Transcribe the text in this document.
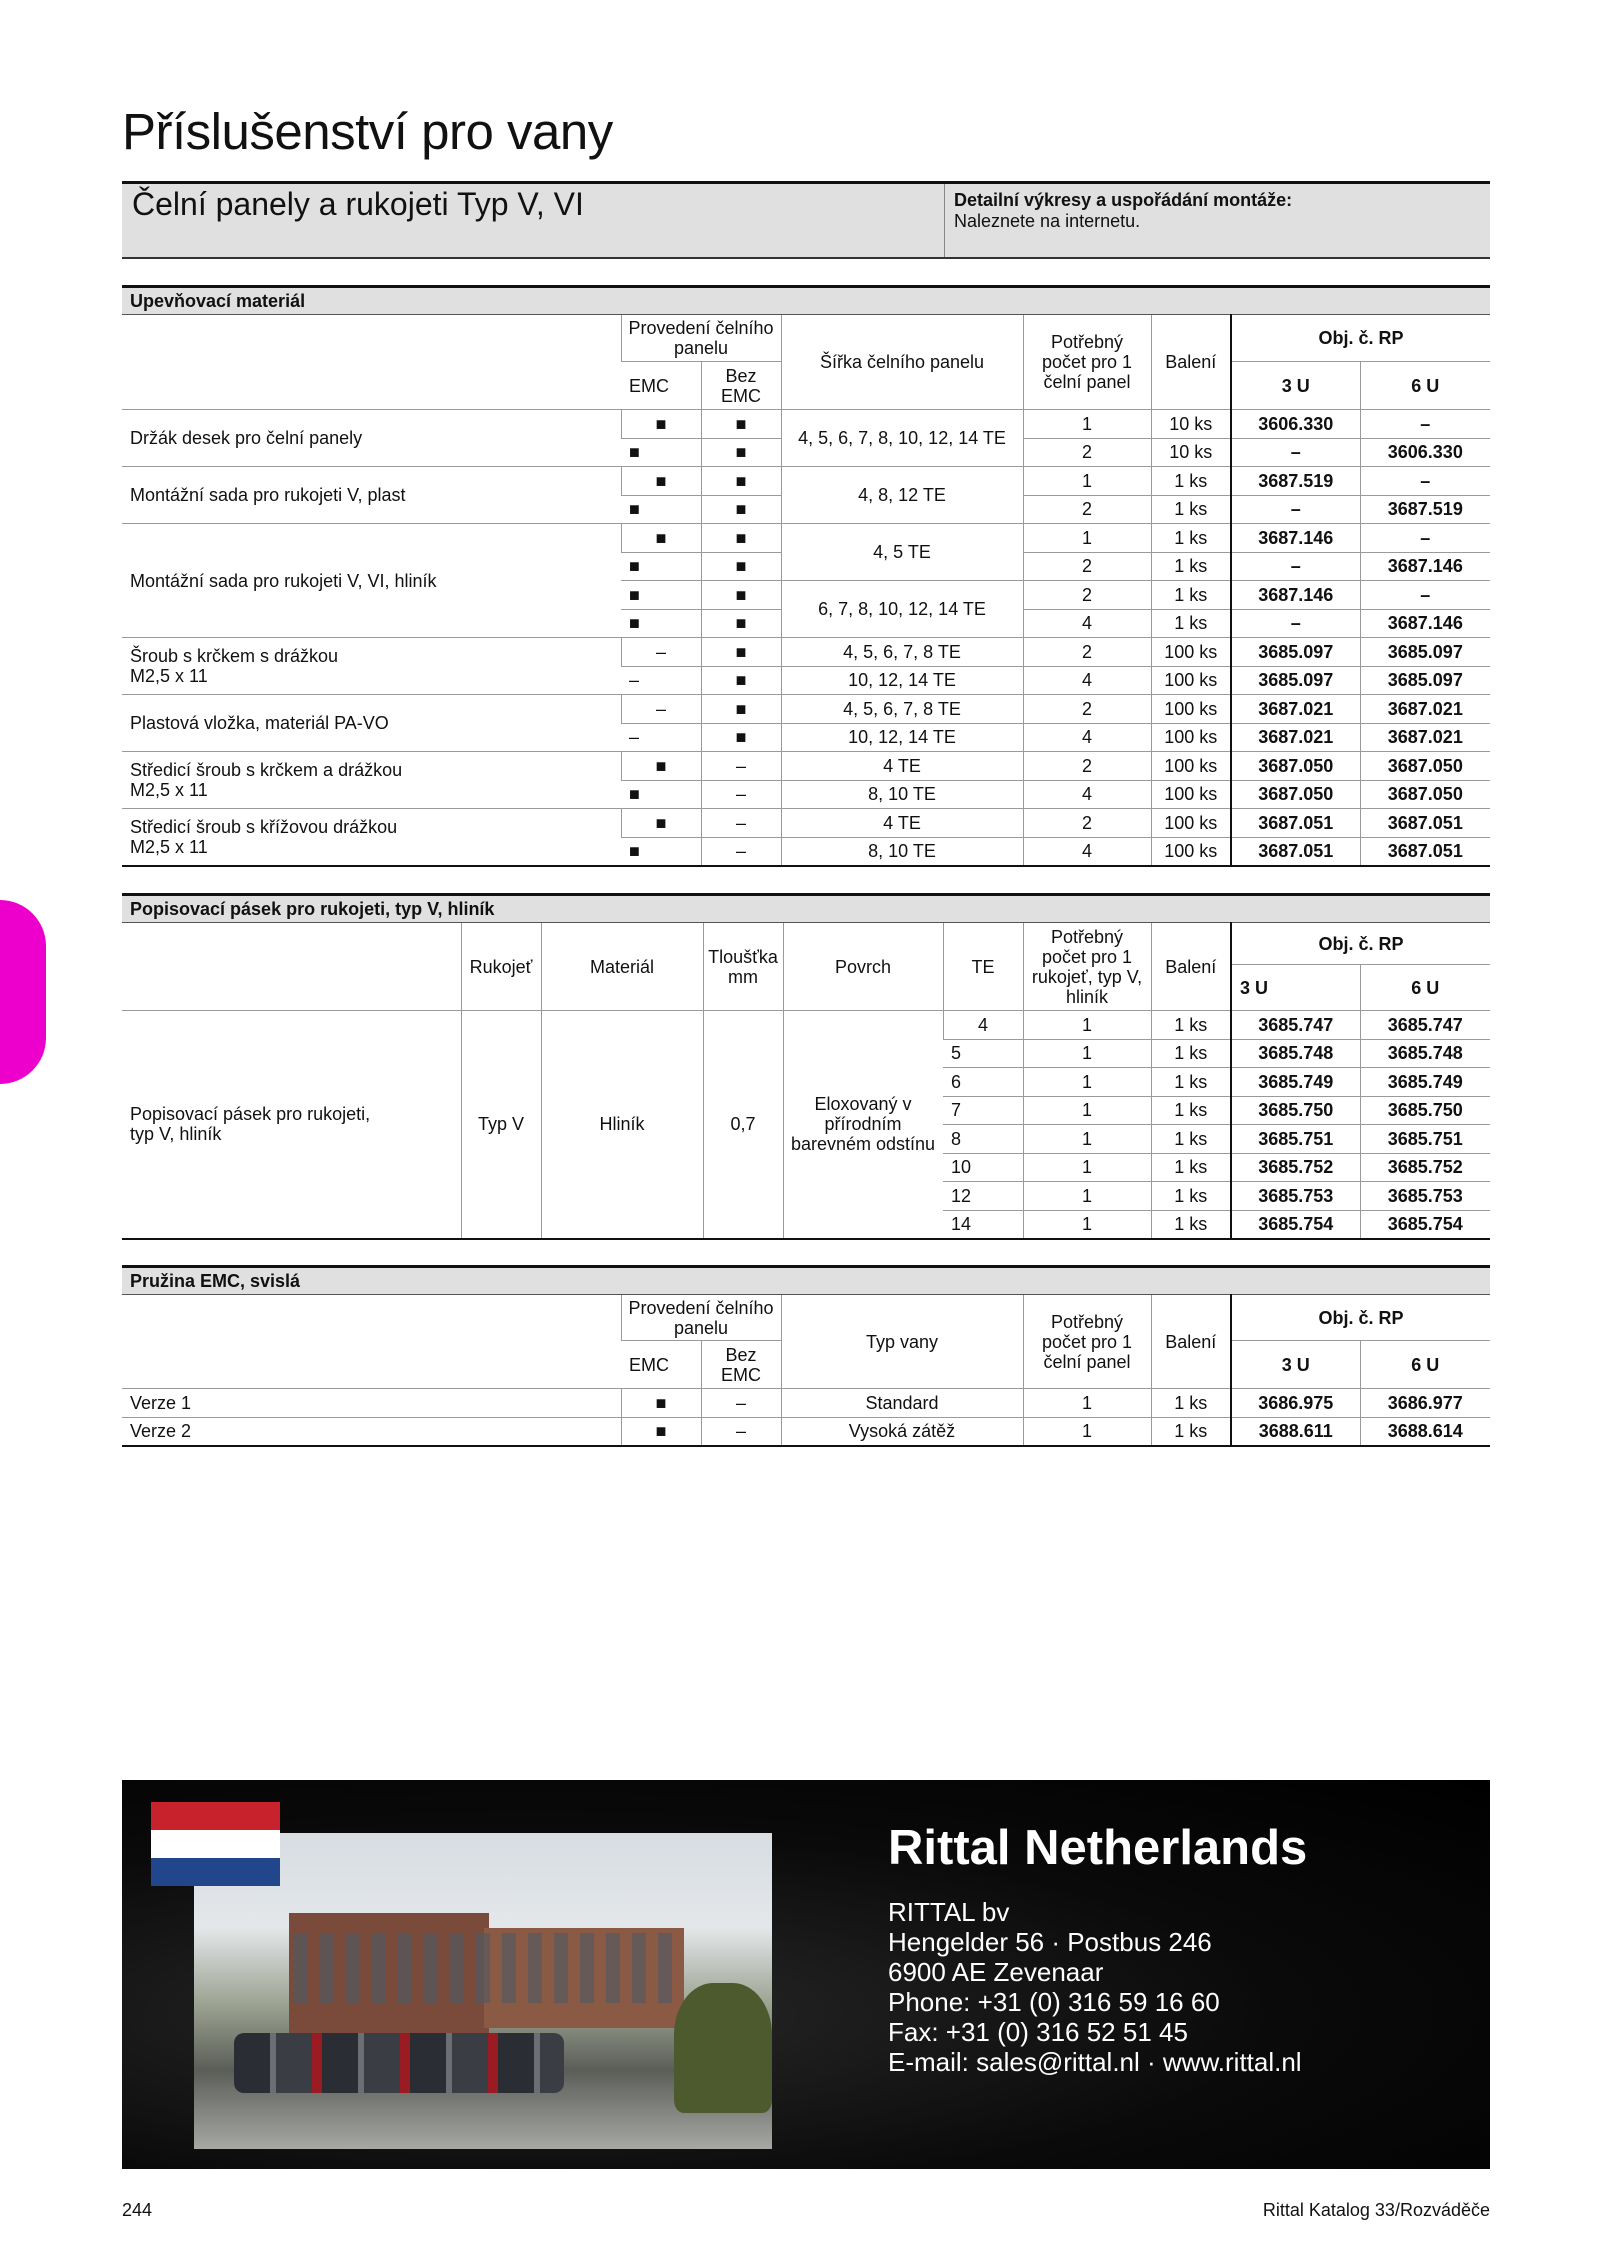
Příslušenství pro vany
Čelní panely a rukojeti Typ V, VI	Detailní výkresy a uspořádání montáže:
Naleznete na internetu.
Upevňovací materiál							
	Provedení čelního panelu		Šířka čelního panelu	Potřebný počet pro 1 čelní panel	Balení	Obj. č. RP	
	EMC	Bez EMC				3 U	6 U
Držák desek pro čelní panely	■	■	4, 5, 6, 7, 8, 10, 12, 14 TE	1	10 ks	3606.330	–
	■	■		2	10 ks	–	3606.330
Montážní sada pro rukojeti V, plast	■	■	4, 8, 12 TE	1	1 ks	3687.519	–
	■	■		2	1 ks	–	3687.519
Montážní sada pro rukojeti V, VI, hliník	■	■	4, 5 TE	1	1 ks	3687.146	–
	■	■		2	1 ks	–	3687.146
	■	■	6, 7, 8, 10, 12, 14 TE	2	1 ks	3687.146	–
	■	■		4	1 ks	–	3687.146
Šroub s krčkem s drážkou
M2,5 x 11	–	■	4, 5, 6, 7, 8 TE	2	100 ks	3685.097	3685.097
	–	■	10, 12, 14 TE	4	100 ks	3685.097	3685.097
Plastová vložka, materiál PA-VO	–	■	4, 5, 6, 7, 8 TE	2	100 ks	3687.021	3687.021
	–	■	10, 12, 14 TE	4	100 ks	3687.021	3687.021
Středicí šroub s krčkem a drážkou
M2,5 x 11	■	–	4 TE	2	100 ks	3687.050	3687.050
	■	–	8, 10 TE	4	100 ks	3687.050	3687.050
Středicí šroub s křížovou drážkou
M2,5 x 11	■	–	4 TE	2	100 ks	3687.051	3687.051
	■	–	8, 10 TE	4	100 ks	3687.051	3687.051
Popisovací pásek pro rukojeti, typ V, hliník									
	Rukojeť	Materiál	Tloušťka mm	Povrch	TE	Potřebný počet pro 1 rukojeť, typ V, hliník	Balení	Obj. č. RP	
								3 U	6 U
Popisovací pásek pro rukojeti,
typ V, hliník	Typ V	Hliník	0,7	Eloxovaný v přírodním barevném odstínu	4	1	1 ks	3685.747	3685.747
					5	1	1 ks	3685.748	3685.748
					6	1	1 ks	3685.749	3685.749
					7	1	1 ks	3685.750	3685.750
					8	1	1 ks	3685.751	3685.751
					10	1	1 ks	3685.752	3685.752
					12	1	1 ks	3685.753	3685.753
					14	1	1 ks	3685.754	3685.754
Pružina EMC, svislá							
	Provedení čelního panelu		Typ vany	Potřebný počet pro 1 čelní panel	Balení	Obj. č. RP	
	EMC	Bez EMC				3 U	6 U
Verze 1	■	–	Standard	1	1 ks	3686.975	3686.977
Verze 2	■	–	Vysoká zátěž	1	1 ks	3688.611	3688.614
Rittal Netherlands
RITTAL bv
Hengelder 56 · Postbus 246
6900 AE Zevenaar
Phone: +31 (0) 316 59 16 60
Fax: +31 (0) 316 52 51 45
E-mail: sales@rittal.nl · www.rittal.nl
244	Rittal Katalog 33/Rozváděče
